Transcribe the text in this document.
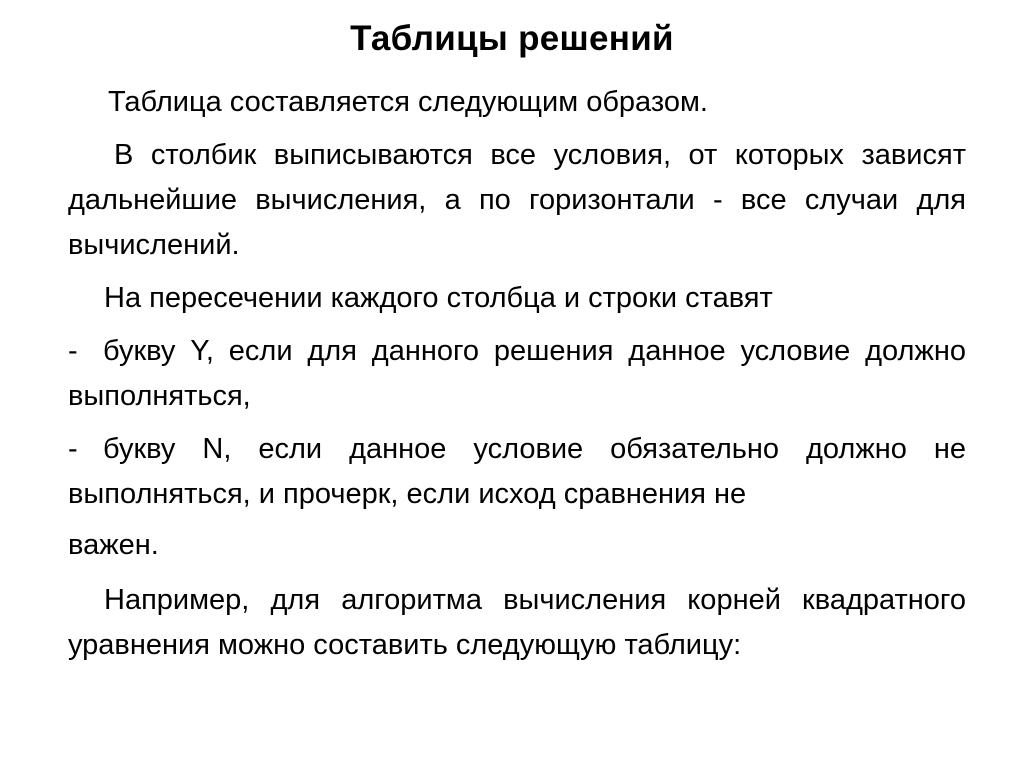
Таблицы решений

Таблица составляется следующим образом.

В столбик выписываются все условия, от которых зависят дальнейшие вычисления, а по горизонтали - все случаи для вычислений.

На пересечении каждого столбца и строки ставят

- букву Y, если для данного решения данное условие должно выполняться,

- букву N, если данное условие обязательно должно не выполняться, и прочерк, если исход сравнения не

важен.

Например, для алгоритма вычисления корней квадратного уравнения можно составить следующую таблицу:
